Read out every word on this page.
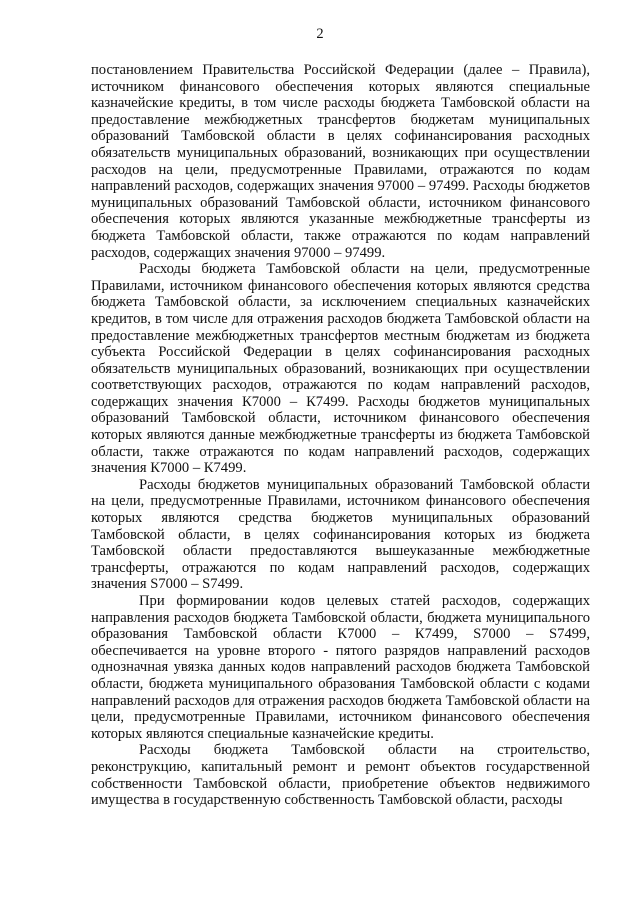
2

постановлением Правительства Российской Федерации (далее – Правила), источником финансового обеспечения которых являются специальные казначейские кредиты, в том числе расходы бюджета Тамбовской области на предоставление межбюджетных трансфертов бюджетам муниципальных образований Тамбовской области в целях софинансирования расходных обязательств муниципальных образований, возникающих при осуществлении расходов на цели, предусмотренные Правилами, отражаются по кодам направлений расходов, содержащих значения 97000 – 97499. Расходы бюджетов муниципальных образований Тамбовской области, источником финансового обеспечения которых являются указанные межбюджетные трансферты из бюджета Тамбовской области, также отражаются по кодам направлений расходов, содержащих значения 97000 – 97499.

Расходы бюджета Тамбовской области на цели, предусмотренные Правилами, источником финансового обеспечения которых являются средства бюджета Тамбовской области, за исключением специальных казначейских кредитов, в том числе для отражения расходов бюджета Тамбовской области на предоставление межбюджетных трансфертов местным бюджетам из бюджета субъекта Российской Федерации в целях софинансирования расходных обязательств муниципальных образований, возникающих при осуществлении соответствующих расходов, отражаются по кодам направлений расходов, содержащих значения К7000 – К7499. Расходы бюджетов муниципальных образований Тамбовской области, источником финансового обеспечения которых являются данные межбюджетные трансферты из бюджета Тамбовской области, также отражаются по кодам направлений расходов, содержащих значения К7000 – К7499.

Расходы бюджетов муниципальных образований Тамбовской области на цели, предусмотренные Правилами, источником финансового обеспечения которых являются средства бюджетов муниципальных образований Тамбовской области, в целях софинансирования которых из бюджета Тамбовской области предоставляются вышеуказанные межбюджетные трансферты, отражаются по кодам направлений расходов, содержащих значения S7000 – S7499.

При формировании кодов целевых статей расходов, содержащих направления расходов бюджета Тамбовской области, бюджета муниципального образования Тамбовской области К7000 – К7499, S7000 – S7499, обеспечивается на уровне второго - пятого разрядов направлений расходов однозначная увязка данных кодов направлений расходов бюджета Тамбовской области, бюджета муниципального образования Тамбовской области с кодами направлений расходов для отражения расходов бюджета Тамбовской области на цели, предусмотренные Правилами, источником финансового обеспечения которых являются специальные казначейские кредиты.

Расходы бюджета Тамбовской области на строительство, реконструкцию, капитальный ремонт и ремонт объектов государственной собственности Тамбовской области, приобретение объектов недвижимого имущества в государственную собственность Тамбовской области, расходы
